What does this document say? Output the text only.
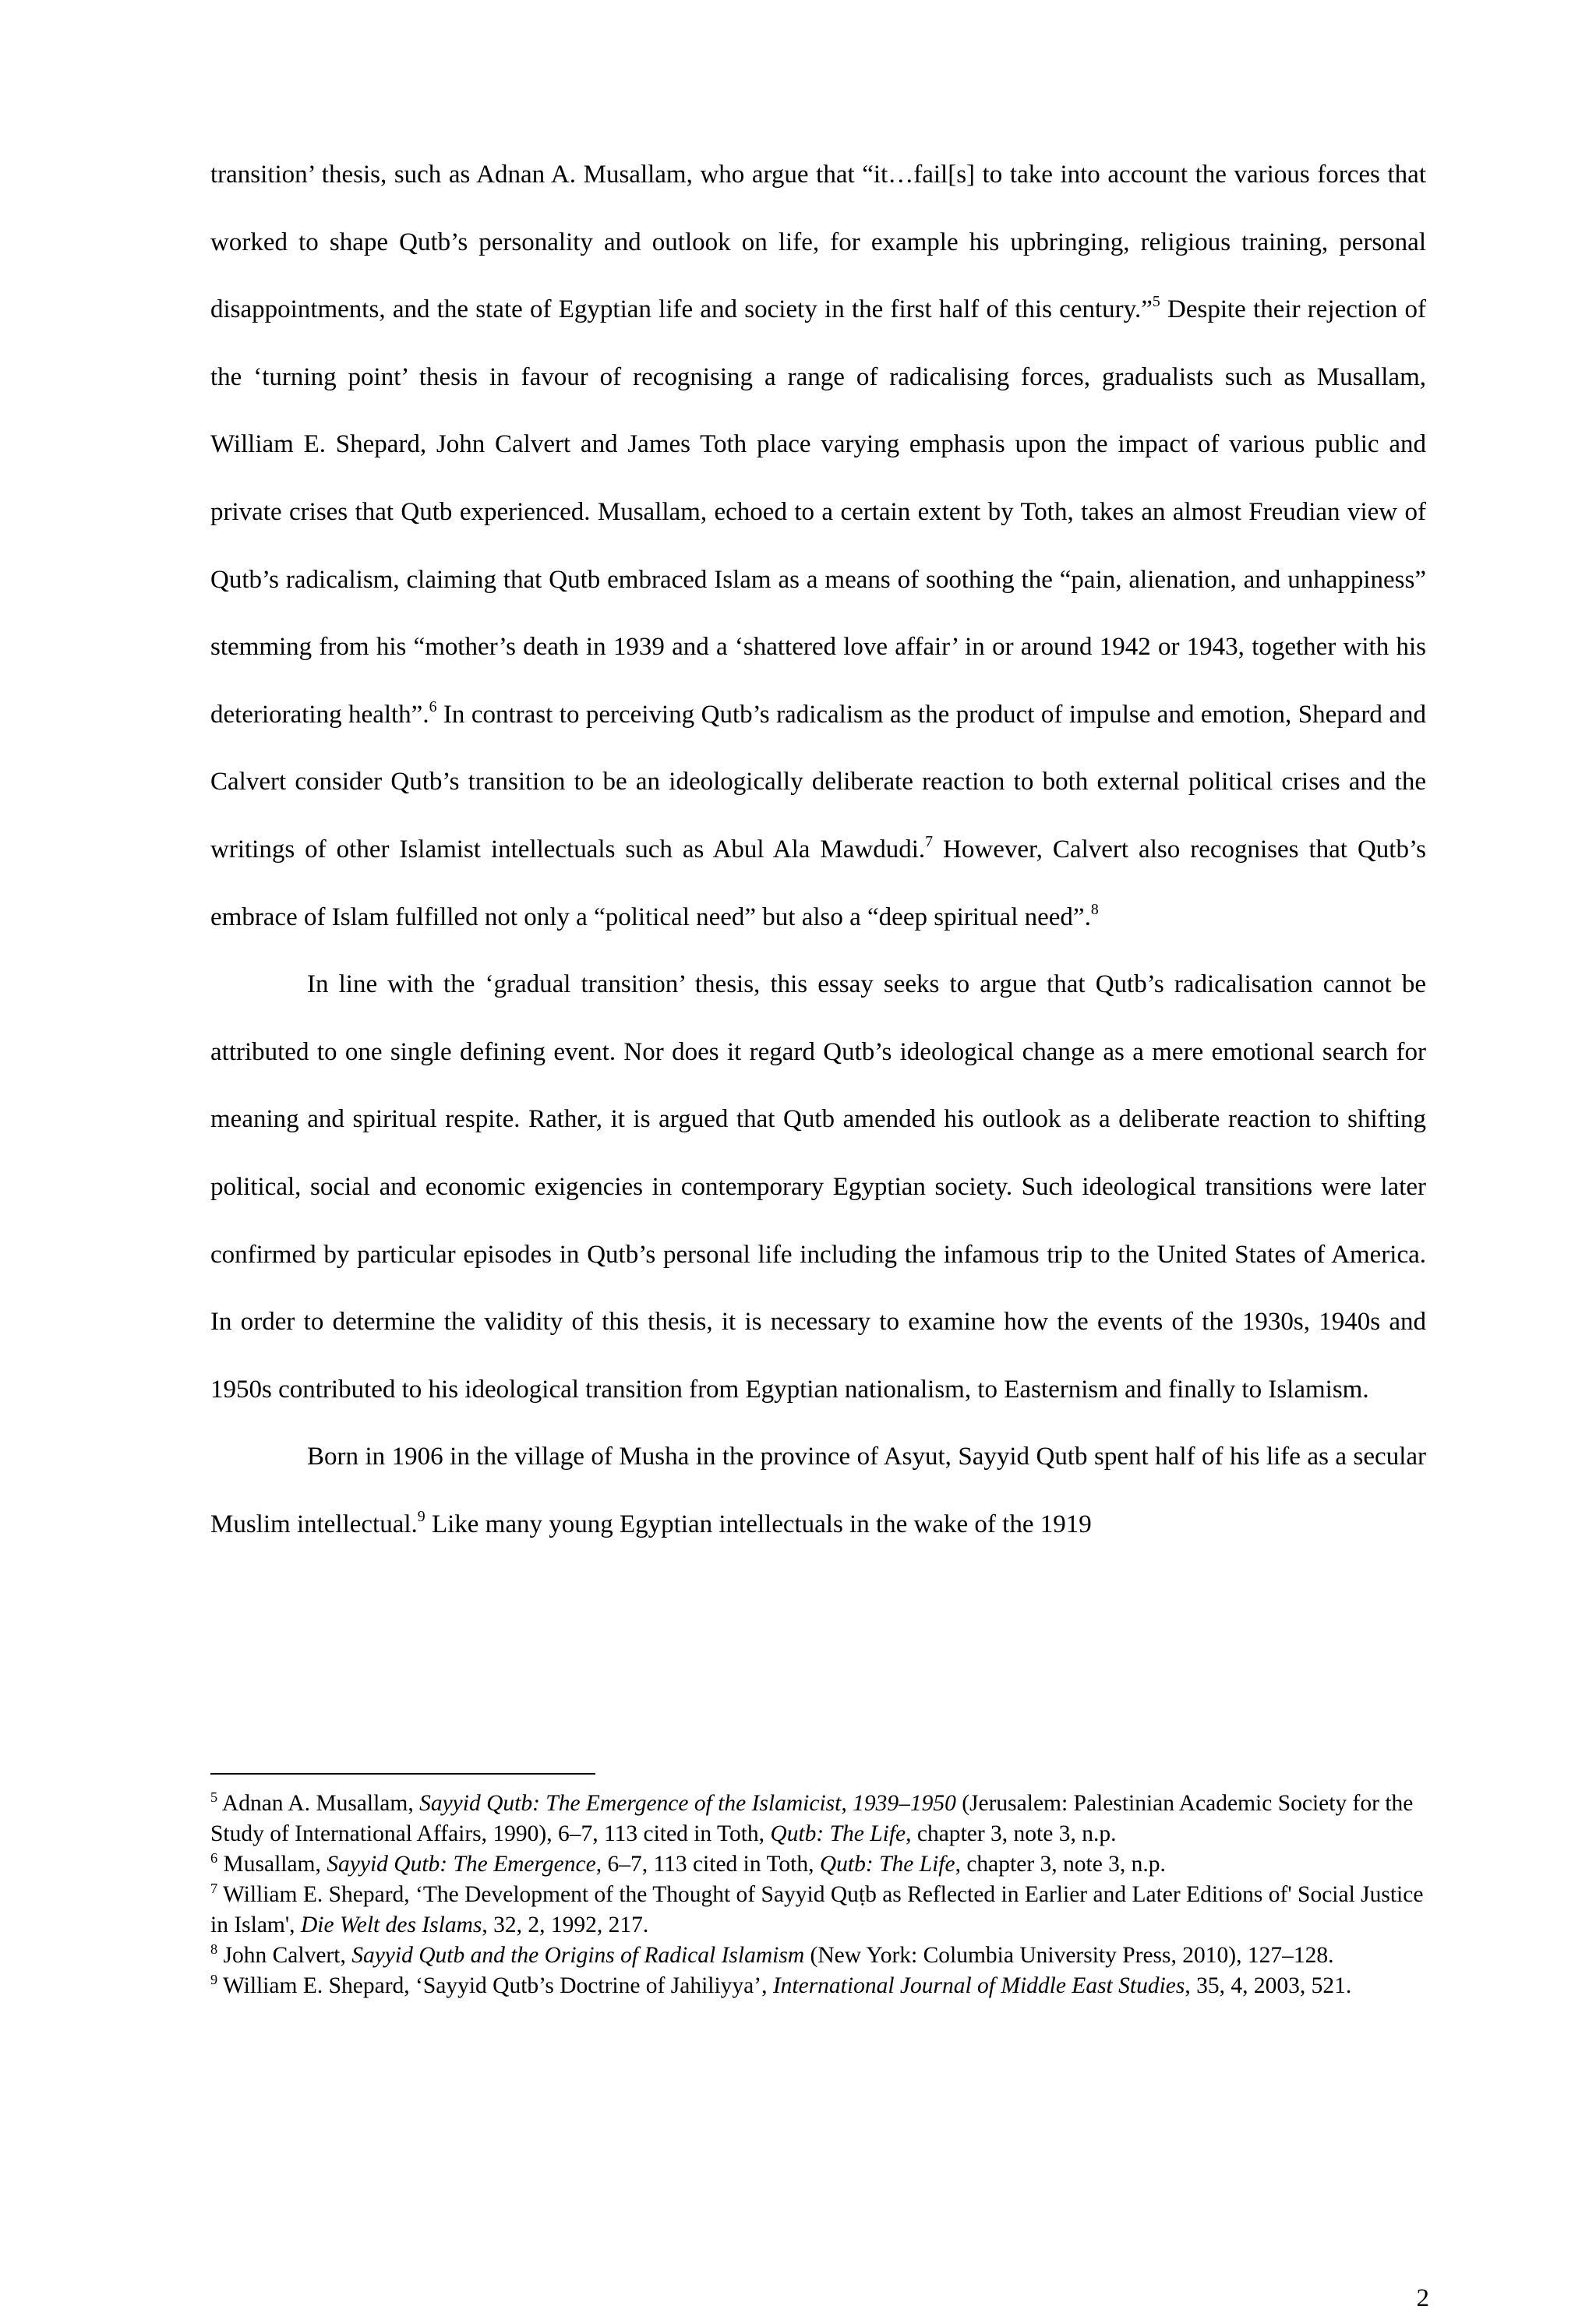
transition’ thesis, such as Adnan A. Musallam, who argue that “it…fail[s] to take into account the various forces that worked to shape Qutb’s personality and outlook on life, for example his upbringing, religious training, personal disappointments, and the state of Egyptian life and society in the first half of this century.”$^5$ Despite their rejection of the ‘turning point’ thesis in favour of recognising a range of radicalising forces, gradualists such as Musallam, William E. Shepard, John Calvert and James Toth place varying emphasis upon the impact of various public and private crises that Qutb experienced. Musallam, echoed to a certain extent by Toth, takes an almost Freudian view of Qutb’s radicalism, claiming that Qutb embraced Islam as a means of soothing the “pain, alienation, and unhappiness” stemming from his “mother’s death in 1939 and a ‘shattered love affair’ in or around 1942 or 1943, together with his deteriorating health”.$^6$ In contrast to perceiving Qutb’s radicalism as the product of impulse and emotion, Shepard and Calvert consider Qutb’s transition to be an ideologically deliberate reaction to both external political crises and the writings of other Islamist intellectuals such as Abul Ala Mawdudi.$^7$ However, Calvert also recognises that Qutb’s embrace of Islam fulfilled not only a “political need” but also a “deep spiritual need”.$^8$

In line with the ‘gradual transition’ thesis, this essay seeks to argue that Qutb’s radicalisation cannot be attributed to one single defining event. Nor does it regard Qutb’s ideological change as a mere emotional search for meaning and spiritual respite. Rather, it is argued that Qutb amended his outlook as a deliberate reaction to shifting political, social and economic exigencies in contemporary Egyptian society. Such ideological transitions were later confirmed by particular episodes in Qutb’s personal life including the infamous trip to the United States of America. In order to determine the validity of this thesis, it is necessary to examine how the events of the 1930s, 1940s and 1950s contributed to his ideological transition from Egyptian nationalism, to Easternism and finally to Islamism.

Born in 1906 in the village of Musha in the province of Asyut, Sayyid Qutb spent half of his life as a secular Muslim intellectual.$^9$ Like many young Egyptian intellectuals in the wake of the 1919

$^5$ Adnan A. Musallam, Sayyid Qutb: The Emergence of the Islamicist, 1939–1950 (Jerusalem: Palestinian Academic Society for the Study of International Affairs, 1990), 6–7, 113 cited in Toth, Qutb: The Life, chapter 3, note 3, n.p.

$^6$ Musallam, Sayyid Qutb: The Emergence, 6–7, 113 cited in Toth, Qutb: The Life, chapter 3, note 3, n.p.

$^7$ William E. Shepard, ‘The Development of the Thought of Sayyid Quṭb as Reflected in Earlier and Later Editions of' Social Justice in Islam', Die Welt des Islams, 32, 2, 1992, 217.

$^8$ John Calvert, Sayyid Qutb and the Origins of Radical Islamism (New York: Columbia University Press, 2010), 127–128.

$^9$ William E. Shepard, ‘Sayyid Qutb’s Doctrine of Jahiliyya’, International Journal of Middle East Studies, 35, 4, 2003, 521.

2
